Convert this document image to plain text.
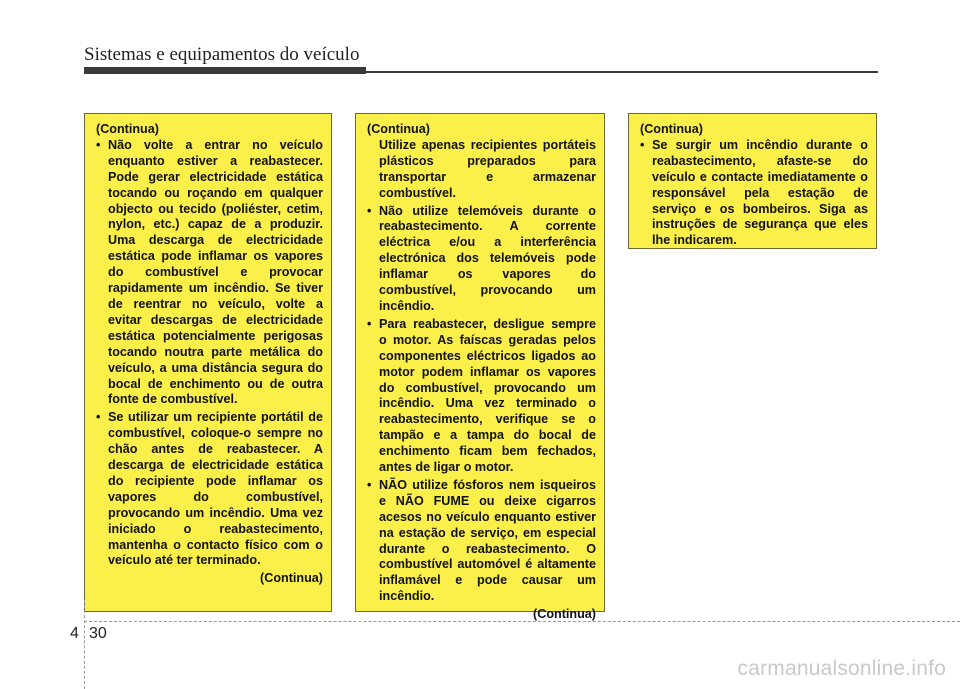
Sistemas e equipamentos do veículo

(Continua)

• Não volte a entrar no veículo enquanto estiver a reabastecer. Pode gerar electricidade estática tocando ou roçando em qualquer objecto ou tecido (poliéster, cetim, nylon, etc.) capaz de a produzir. Uma descarga de electricidade estática pode inflamar os vapores do combustível e provocar rapidamente um incêndio. Se tiver de reentrar no veículo, volte a evitar descargas de electricidade estática potencialmente perigosas tocando noutra parte metálica do veículo, a uma distância segura do bocal de enchimento ou de outra fonte de combustível.
• Se utilizar um recipiente portátil de combustível, coloque-o sempre no chão antes de reabastecer. A descarga de electricidade estática do recipiente pode inflamar os vapores do combustível, provocando um incêndio. Uma vez iniciado o reabastecimento, mantenha o contacto físico com o veículo até ter terminado.

(Continua)

(Continua)

Utilize apenas recipientes portáteis plásticos preparados para transportar e armazenar combustível.
• Não utilize telemóveis durante o reabastecimento. A corrente eléctrica e/ou a interferência electrónica dos telemóveis pode inflamar os vapores do combustível, provocando um incêndio.
• Para reabastecer, desligue sempre o motor. As faíscas geradas pelos componentes eléctricos ligados ao motor podem inflamar os vapores do combustível, provocando um incêndio. Uma vez terminado o reabastecimento, verifique se o tampão e a tampa do bocal de enchimento ficam bem fechados, antes de ligar o motor.
• NÃO utilize fósforos nem isqueiros e NÃO FUME ou deixe cigarros acesos no veículo enquanto estiver na estação de serviço, em especial durante o reabastecimento. O combustível automóvel é altamente inflamável e pode causar um incêndio.

(Continua)

(Continua)

• Se surgir um incêndio durante o reabastecimento, afaste-se do veículo e contacte imediatamente o responsável pela estação de serviço e os bombeiros. Siga as instruções de segurança que eles lhe indicarem.
4 30
carmanualsonline.info
